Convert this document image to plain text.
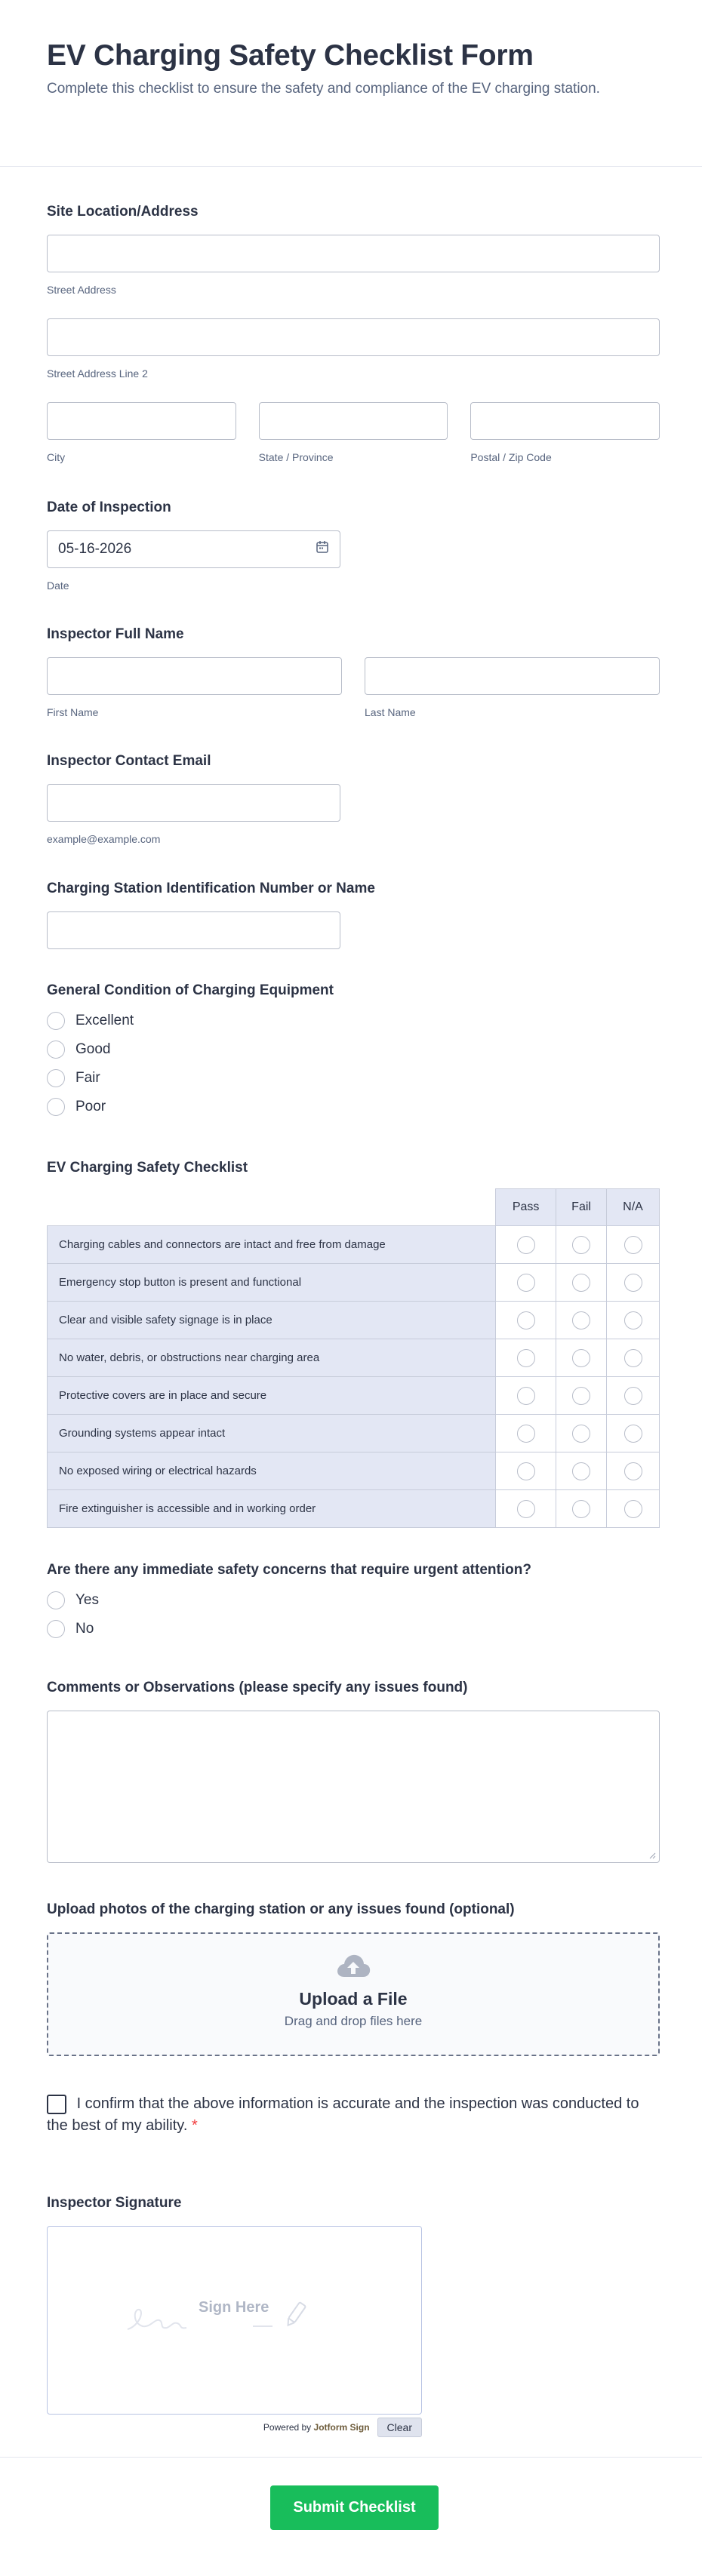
EV Charging Safety Checklist Form

Complete this checklist to ensure the safety and compliance of the EV charging station.

Site Location/Address
Street Address
Street Address Line 2
City	State / Province	Postal / Zip Code
Date of Inspection
05-16-2026
Date
Inspector Full Name
First Name	Last Name
Inspector Contact Email
example@example.com
Charging Station Identification Number or Name
General Condition of Charging Equipment
Excellent
Good
Fair
Poor
EV Charging Safety Checklist
	Pass	Fail	N/A
Charging cables and connectors are intact and free from damage			
Emergency stop button is present and functional			
Clear and visible safety signage is in place			
No water, debris, or obstructions near charging area			
Protective covers are in place and secure			
Grounding systems appear intact			
No exposed wiring or electrical hazards			
Fire extinguisher is accessible and in working order			
Are there any immediate safety concerns that require urgent attention?
Yes
No
Comments or Observations (please specify any issues found)
Upload photos of the charging station or any issues found (optional)
Upload a File
Drag and drop files here
I confirm that the above information is accurate and the inspection was conducted to the best of my ability. *
Inspector Signature
Sign Here
Powered by Jotform Sign	Clear
Submit Checklist
